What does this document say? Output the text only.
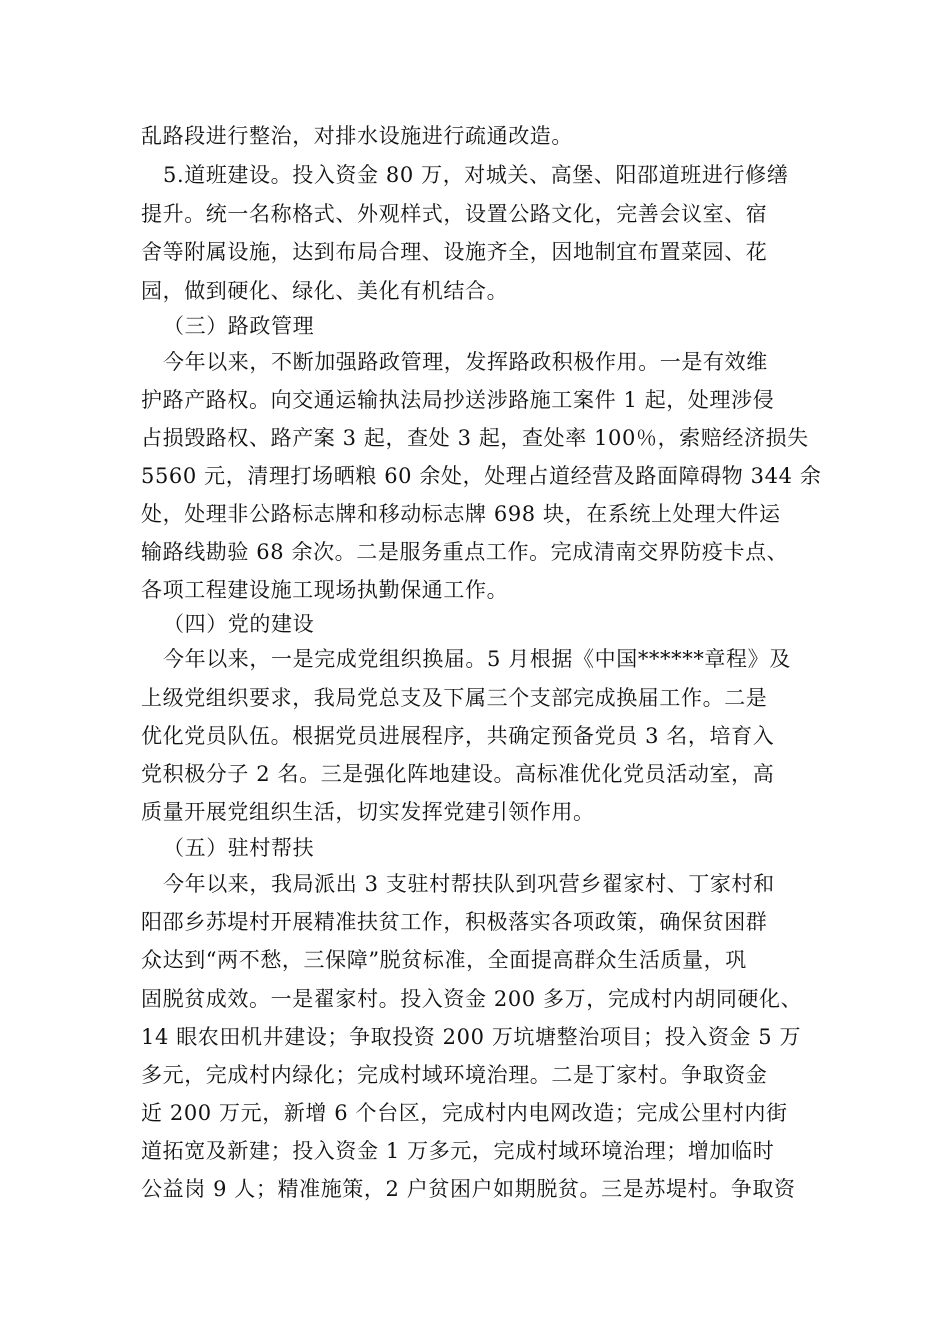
乱路段进行整治，对排水设施进行疏通改造。
5.道班建设。投入资金 80 万，对城关、高堡、阳邵道班进行修缮
提升。统一名称格式、外观样式，设置公路文化，完善会议室、宿
舍等附属设施，达到布局合理、设施齐全，因地制宜布置菜园、花
园，做到硬化、绿化、美化有机结合。
（三）路政管理
今年以来，不断加强路政管理，发挥路政积极作用。一是有效维
护路产路权。向交通运输执法局抄送涉路施工案件 1 起，处理涉侵
占损毁路权、路产案 3 起，查处 3 起，查处率 100％，索赔经济损失
5560 元，清理打场晒粮 60 余处，处理占道经营及路面障碍物 344 余
处，处理非公路标志牌和移动标志牌 698 块，在系统上处理大件运
输路线勘验 68 余次。二是服务重点工作。完成清南交界防疫卡点、
各项工程建设施工现场执勤保通工作。
（四）党的建设
今年以来，一是完成党组织换届。5 月根据《中国******章程》及
上级党组织要求，我局党总支及下属三个支部完成换届工作。二是
优化党员队伍。根据党员进展程序，共确定预备党员 3 名，培育入
党积极分子 2 名。三是强化阵地建设。高标准优化党员活动室，高
质量开展党组织生活，切实发挥党建引领作用。
（五）驻村帮扶
今年以来，我局派出 3 支驻村帮扶队到巩营乡翟家村、丁家村和
阳邵乡苏堤村开展精准扶贫工作，积极落实各项政策，确保贫困群
众达到“两不愁，三保障”脱贫标准，全面提高群众生活质量，巩
固脱贫成效。一是翟家村。投入资金 200 多万，完成村内胡同硬化、
14 眼农田机井建设；争取投资 200 万坑塘整治项目；投入资金 5 万
多元，完成村内绿化；完成村域环境治理。二是丁家村。争取资金
近 200 万元，新增 6 个台区，完成村内电网改造；完成公里村内街
道拓宽及新建；投入资金 1 万多元，完成村域环境治理；增加临时
公益岗 9 人；精准施策，2 户贫困户如期脱贫。三是苏堤村。争取资
